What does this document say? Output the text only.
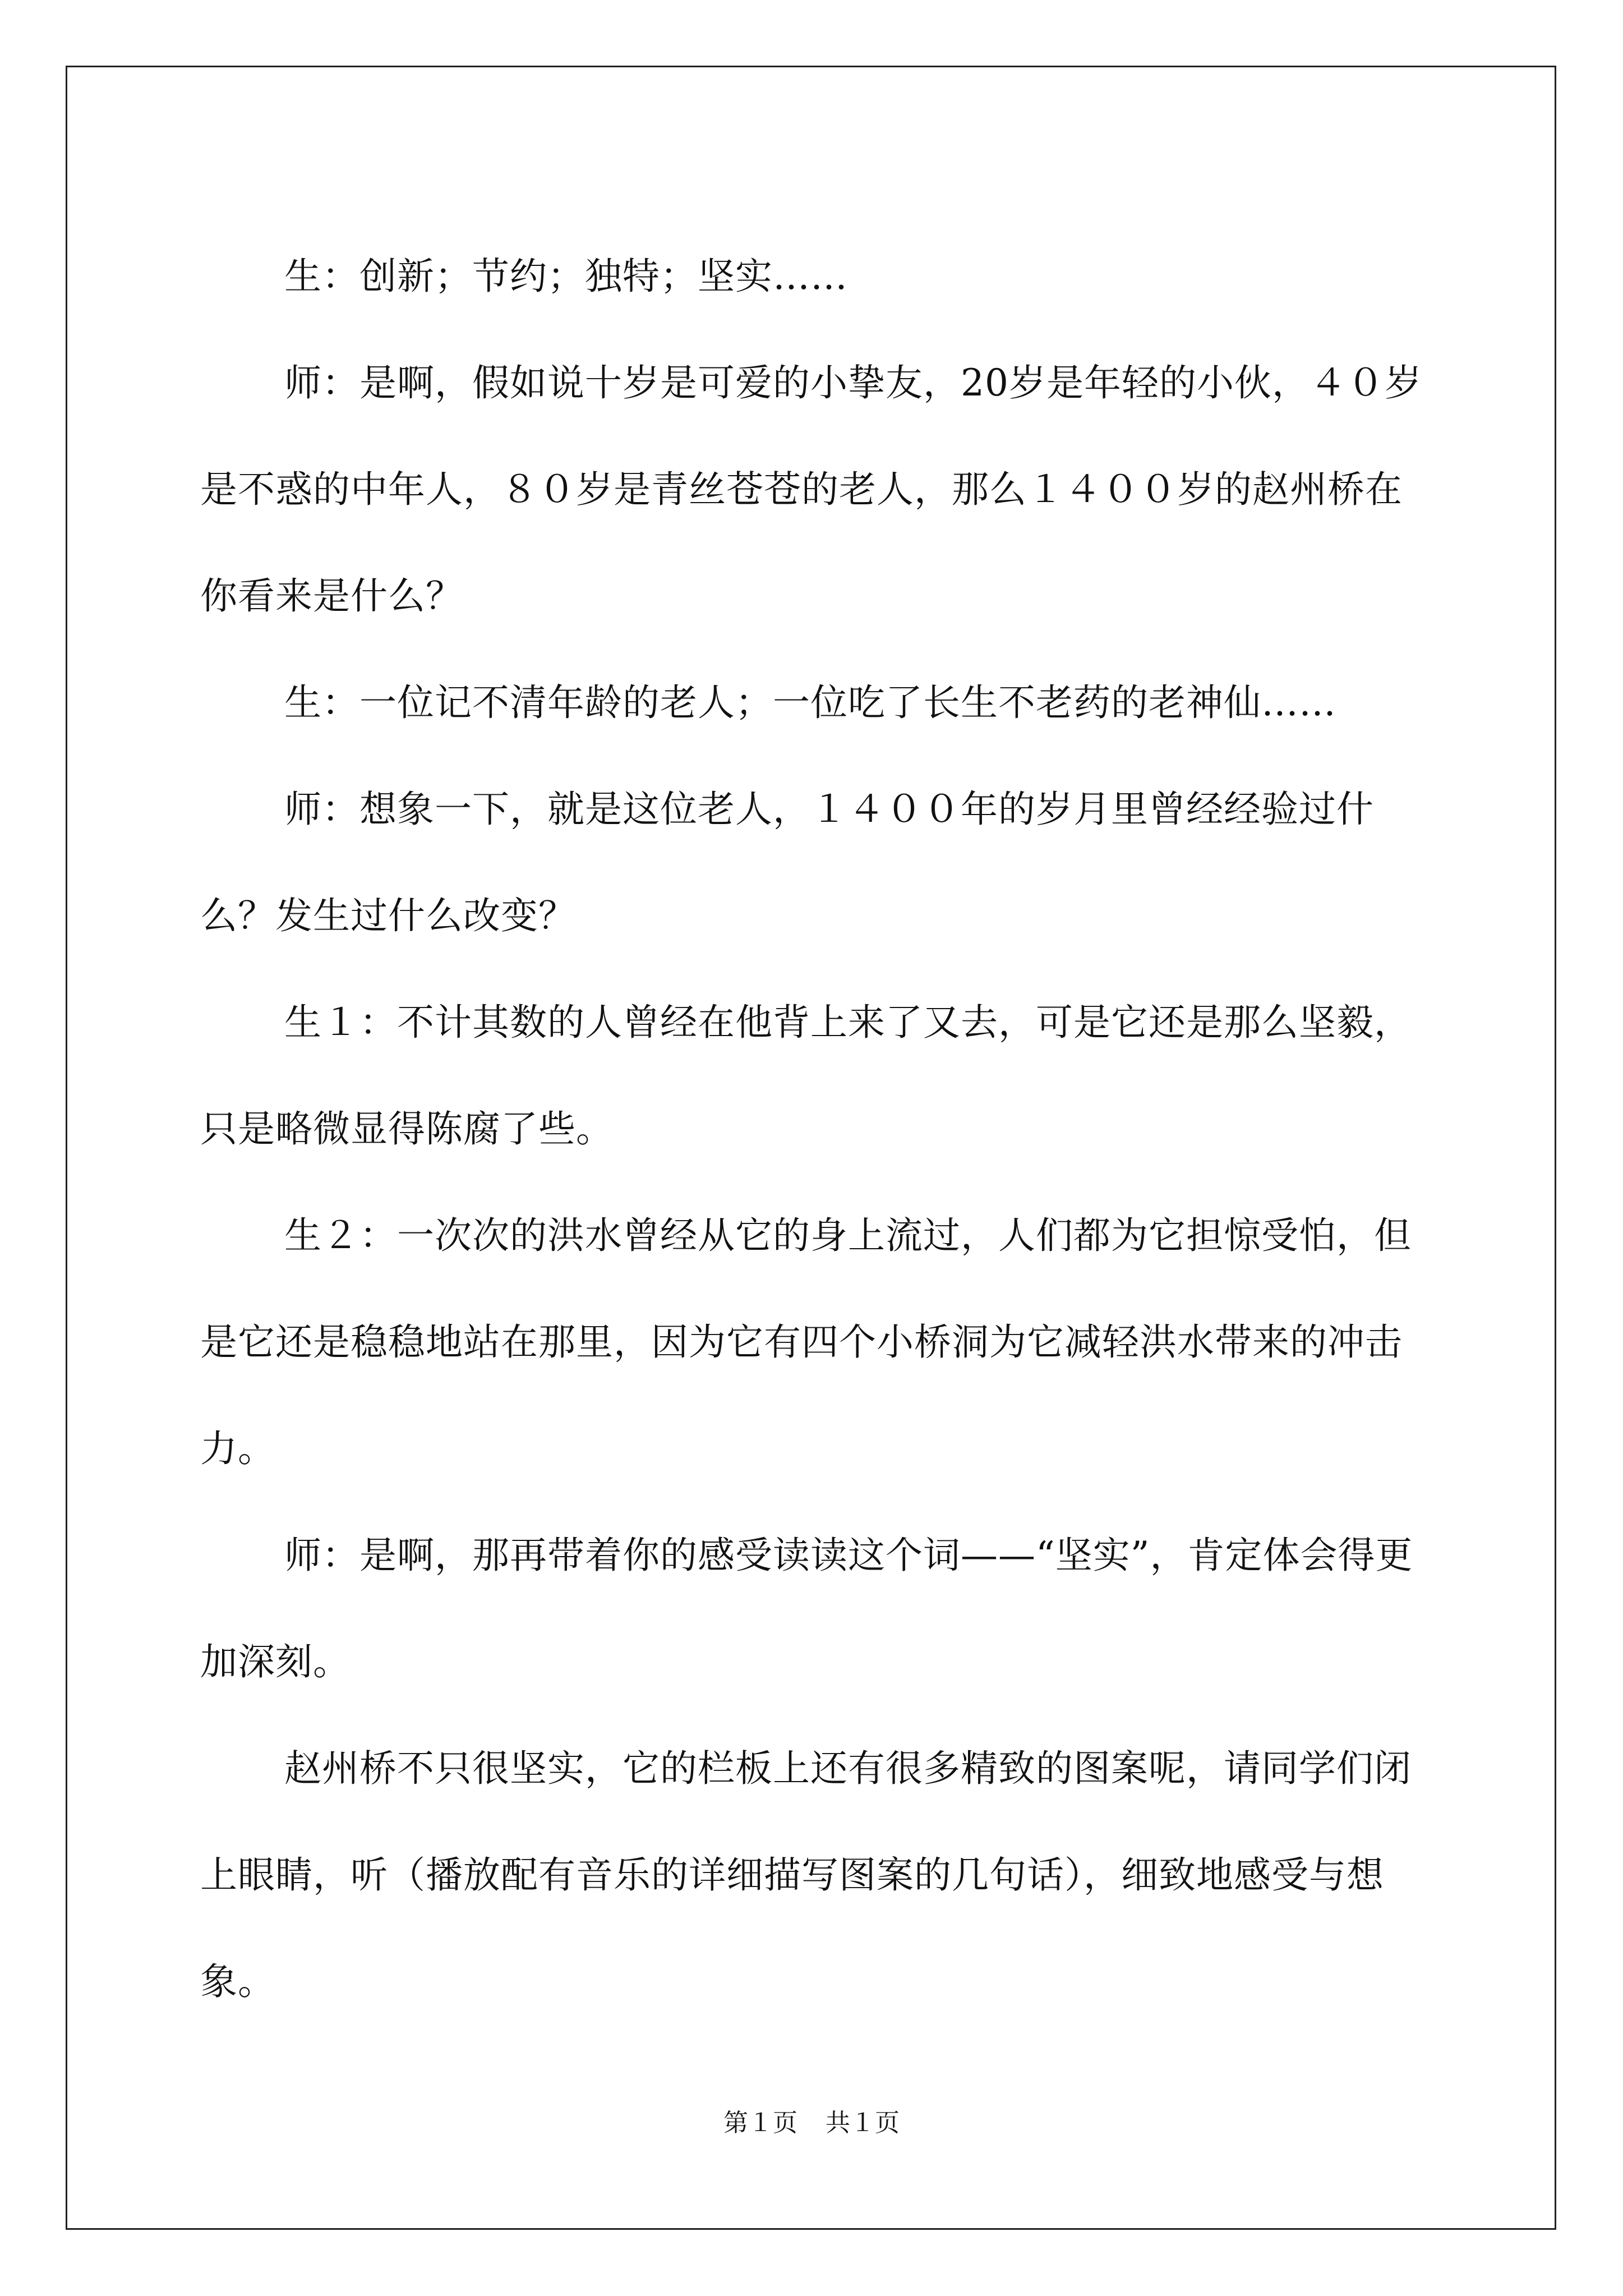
生：创新；节约；独特；坚实……

师：是啊，假如说十岁是可爱的小挚友，20岁是年轻的小伙，４０岁是不惑的中年人，８０岁是青丝苍苍的老人，那么１４００岁的赵州桥在你看来是什么？

生：一位记不清年龄的老人；一位吃了长生不老药的老神仙……

师：想象一下，就是这位老人，１４００年的岁月里曾经经验过什么？发生过什么改变？

生１：不计其数的人曾经在他背上来了又去，可是它还是那么坚毅，只是略微显得陈腐了些。

生２：一次次的洪水曾经从它的身上流过，人们都为它担惊受怕，但是它还是稳稳地站在那里，因为它有四个小桥洞为它减轻洪水带来的冲击力。

师：是啊，那再带着你的感受读读这个词——“坚实”，肯定体会得更加深刻。

赵州桥不只很坚实，它的栏板上还有很多精致的图案呢，请同学们闭上眼睛，听（播放配有音乐的详细描写图案的几句话），细致地感受与想象。

第１页 共１页
